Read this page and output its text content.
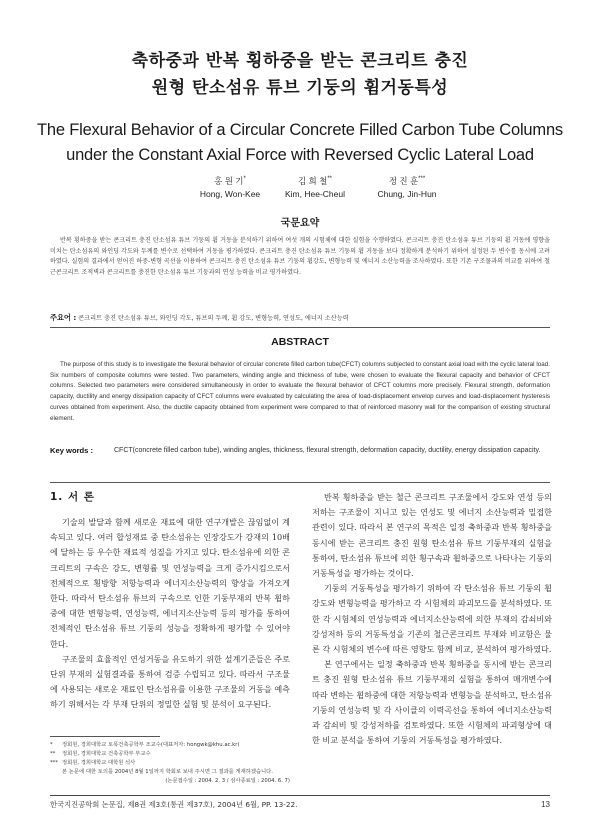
축하중과 반복 횡하중을 받는 콘크리트 충진
원형 탄소섬유 튜브 기둥의 휨거동특성
The Flexural Behavior of a Circular Concrete Filled Carbon Tube Columns
under the Constant Axial Force with Reversed Cyclic Lateral Load
홍 원 기*
Hong, Won-Kee
김 희 철**
Kim, Hee-Cheul
정 진 훈***
Chung, Jin-Hun
국문요약
반복 횡하중을 받는 콘크리트 충진 탄소섬유 튜브 기둥의 휨 거동을 분석하기 위하여 여섯 개의 시험체에 대한 실험을 수행하였다. 콘크리트 충진 탄소섬유 튜브 기둥의 휨 거동에 영향을 미치는 탄소섬유의 와인딩 각도와 두께를 변수로 선택하여 거동을 평가하였다. 콘크리트 충진 탄소섬유 튜브 기둥의 휨 거동을 보다 정확하게 분석하기 위하여 설정된 두 변수를 동시에 고려하였다. 실험의 결과에서 얻어진 하중-변형 곡선을 이용하여 콘크리트 충진 탄소섬유 튜브 기둥의 휨강도, 변형능력 및 에너지 소산능력을 조사하였다. 또한 기존 구조물과의 비교를 위하여 철근콘크리트 조적벽과 콘크리트를 충진한 탄소섬유 튜브 기둥과의 연성 능력을 비교 평가하였다.
주요어 : 콘크리트 충진 탄소섬유 튜브, 와인딩 각도, 튜브의 두께, 휨 강도, 변형능력, 연성도, 에너지 소산능력
ABSTRACT
The purpose of this study is to investigate the flexural behavior of circular concrete filled carbon tube(CFCT) columns subjected to constant axial load with the cyclic lateral load. Six numbers of composite columns were tested. Two parameters, winding angle and thickness of tube, were chosen to evaluate the flexural capacity and behavior of CFCT columns. Selected two parameters were considered simultaneously in order to evaluate the flexural behavior of CFCT columns more precisely. Flexural strength, deformation capacity, ductility and energy dissipation capacity of CFCT columns were evaluated by calculating the area of load-displacement envelop curves and load-displacement hysteresis curves obtained from experiment. Also, the ductile capacity obtained from experiment were compared to that of reinforced masonry wall for the comparison of existing structural element.
Key words :	CFCT(concrete filled carbon tube), winding angles, thickness, flexural strength, deformation capacity, ductility, energy dissipation capacity.
1. 서 론

기술의 발달과 함께 새로운 재료에 대한 연구개발은 끊임없이 계속되고 있다. 여러 합성재료 중 탄소섬유는 인장강도가 강재의 10배에 달하는 등 우수한 재료적 성질을 가지고 있다. 탄소섬유에 의한 콘크리트의 구속은 강도, 변형률 및 연성능력을 크게 증가시킴으로서 전체적으로 횡방향 저항능력과 에너지소산능력의 향상을 가져오게 한다. 따라서 탄소섬유 튜브의 구속으로 인한 기둥부재의 반복 휨하중에 대한 변형능력, 연성능력, 에너지소산능력 등의 평가를 통하여 전체적인 탄소섬유 튜브 기둥의 성능을 정확하게 평가할 수 있어야 한다.

구조물의 효율적인 연성거동을 유도하기 위한 설계기준들은 주로 단위 부재의 실험결과를 통하여 검증 수립되고 있다. 따라서 구조물에 사용되는 새로운 재료인 탄소섬유를 이용한 구조물의 거동을 예측하기 위해서는 각 부재 단위의 정밀한 실험 및 분석이 요구된다.

반복 횡하중을 받는 철근 콘크리트 구조물에서 강도와 연성 등의 저하는 구조물이 지니고 있는 연성도 및 에너지 소산능력과 밀접한 관련이 있다. 따라서 본 연구의 목적은 일정 축하중과 반복 횡하중을 동시에 받는 콘크리트 충진 원형 탄소섬유 튜브 기둥부재의 실험을 통하여, 탄소섬유 튜브에 의한 횡구속과 휨하중으로 나타나는 기둥의 거동특성을 평가하는 것이다.

기둥의 거동특성을 평가하기 위하여 각 탄소섬유 튜브 기둥의 휨강도와 변형능력을 평가하고 각 시험체의 파괴모드를 분석하였다. 또한 각 시험체의 연성능력과 에너지소산능력에 의한 부재의 감쇠비와 강성저하 등의 거동특성을 기존의 철근콘크리트 부재와 비교함은 물론 각 시험체의 변수에 따른 영향도 함께 비교, 분석하여 평가하였다.

본 연구에서는 일정 축하중과 반복 횡하중을 동시에 받는 콘크리트 충진 원형 탄소섬유 튜브 기둥부재의 실험을 통하여 매개변수에 따라 변하는 휨하중에 대한 저항능력과 변형능을 분석하고, 탄소섬유 기둥의 연성능력 및 각 사이클의 이력곡선을 통하여 에너지소산능력과 감쇠비 및 강성저하를 검토하였다. 또한 시험체의 파괴형상에 대한 비교 분석을 통하여 기둥의 거동특성을 평가하였다.

*	정회원, 경희대학교 토목건축공학부 조교수(대표저자: hongwk@khu.ac.kr)
**	정회원, 경희대학교 건축공학부 부교수
*** 정회원, 경희대학교 대학원 석사
본 논문에 대한 토의를 2004년 8월 1일까지 학회로 보내 주시면 그 결과를 게재하겠습니다.
(논문접수일 : 2004. 2. 3 / 심사종료일 : 2004. 6. 7)
한국지진공학회 논문집, 제8권 제3호(통권 제37호), 2004년 6월, PP. 13-22.	13
